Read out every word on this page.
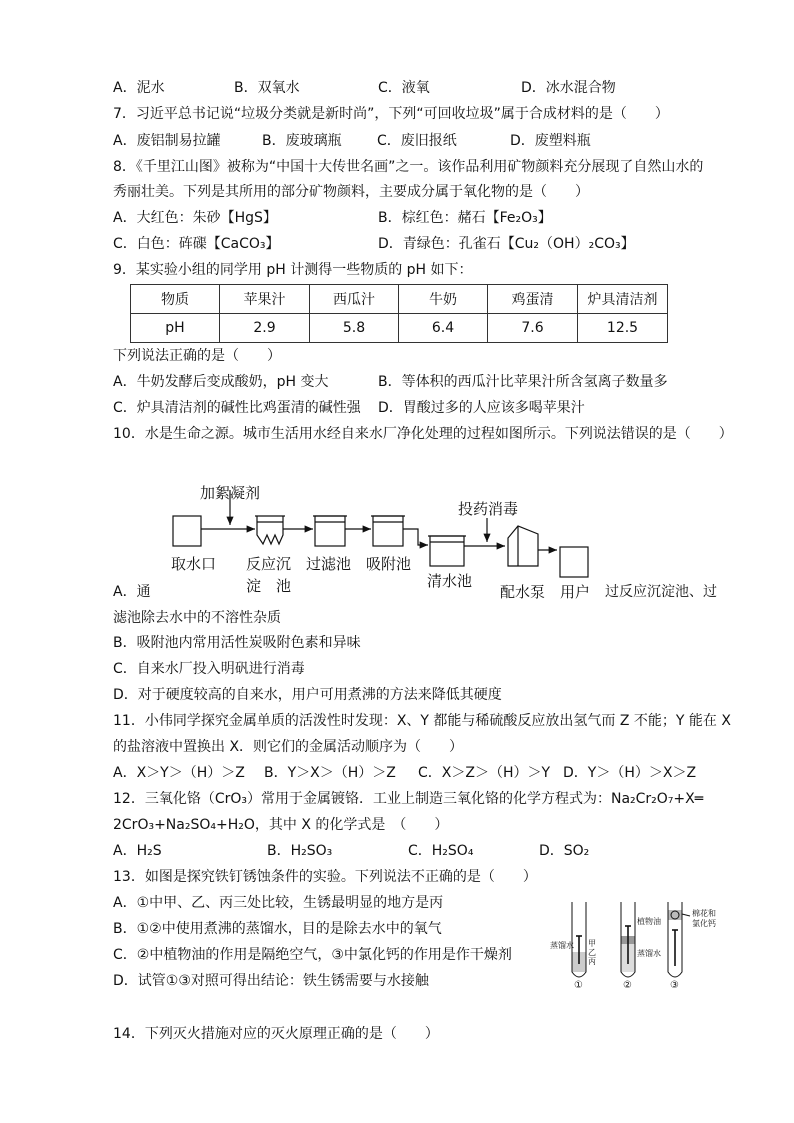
A．泥水	B．双氧水	C．液氧	D．冰水混合物
7．习近平总书记说“垃圾分类就是新时尚”，下列“可回收垃圾”属于合成材料的是（　　）
A．废铝制易拉罐	B．废玻璃瓶	C．废旧报纸	D．废塑料瓶
8．《千里江山图》被称为“中国十大传世名画”之一。该作品利用矿物颜料充分展现了自然山水的
秀丽壮美。下列是其所用的部分矿物颜料，主要成分属于氧化物的是（　　）
A．大红色：朱砂【HgS】	B．棕红色：赭石【Fe₂O₃】
C．白色：砗磲【CaCO₃】	D．青绿色：孔雀石【Cu₂（OH）₂CO₃】
9．某实验小组的同学用 pH 计测得一些物质的 pH 如下：
物质	苹果汁	西瓜汁	牛奶	鸡蛋清	炉具清洁剂
pH	2.9	5.8	6.4	7.6	12.5
下列说法正确的是（　　）
A．牛奶发酵后变成酸奶，pH 变大	B．等体积的西瓜汁比苹果汁所含氢离子数量多
C．炉具清洁剂的碱性比鸡蛋清的碱性强 D．胃酸过多的人应该多喝苹果汁
10．水是生命之源。城市生活用水经自来水厂净化处理的过程如图所示。下列说法错误的是（　　）
加絮凝剂
取水口 反应沉
淀　池
过滤池 吸附池
清水池
投药消毒
配水泵 用户
A．通	过反应沉淀池、过
滤池除去水中的不溶性杂质
B．吸附池内常用活性炭吸附色素和异味
C．自来水厂投入明矾进行消毒
D．对于硬度较高的自来水，用户可用煮沸的方法来降低其硬度
11．小伟同学探究金属单质的活泼性时发现：X、Y 都能与稀硫酸反应放出氢气而 Z 不能；Y 能在 X
的盐溶液中置换出 X．则它们的金属活动顺序为（　　）
A．X＞Y＞（H）＞Z B．Y＞X＞（H）＞Z C．X＞Z＞（H）＞Y D．Y＞（H）＞X＞Z
12．三氧化铬（CrO₃）常用于金属镀铬．工业上制造三氧化铬的化学方程式为：Na₂Cr₂O₇+X═
2CrO₃+Na₂SO₄+H₂O，其中 X 的化学式是　（　　）
A．H₂S	B．H₂SO₃	C．H₂SO₄	D．SO₂
13．如图是探究铁钉锈蚀条件的实验。下列说法不正确的是（　　）
A．①中甲、乙、丙三处比较，生锈最明显的地方是丙
B．①②中使用煮沸的蒸馏水，目的是除去水中的氧气
C．②中植物油的作用是隔绝空气，③中氯化钙的作用是作干燥剂
D．试管①③对照可得出结论：铁生锈需要与水接触
蒸馏水 甲
乙
丙
植物油
蒸馏水
棉花和
氯化钙
①	②	③
14．下列灭火措施对应的灭火原理正确的是（　　）
